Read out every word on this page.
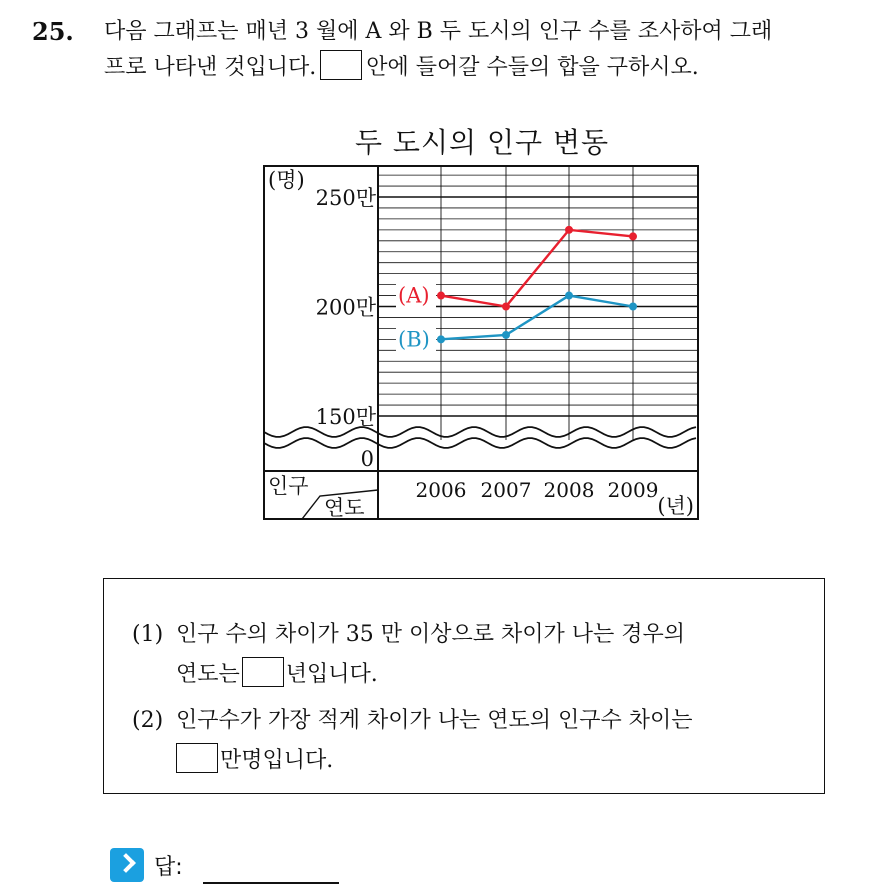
25. 다음 그래프는 매년 3 월에 A 와 B 두 도시의 인구 수를 조사하여 그래
프로 나타낸 것입니다. 안에 들어갈 수들의 합을 구하시오.
두 도시의 인구 변동
250만
200만
150만
(명)
0
2006 2007 2008 2009
(년)
인구
연도
(A)
(B)
(1) 인구 수의 차이가 35 만 이상으로 차이가 나는 경우의
연도는 년입니다.
(2) 인구수가 가장 적게 차이가 나는 연도의 인구수 차이는
만명입니다.
답:
